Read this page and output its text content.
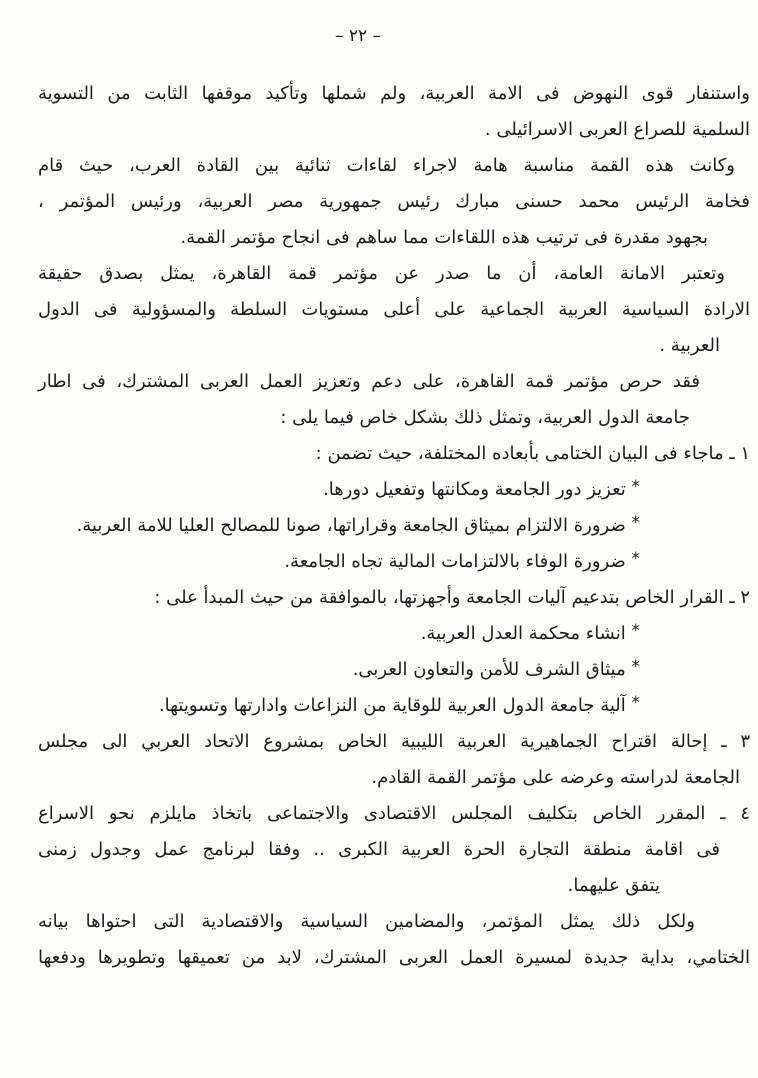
– ٢٢ –
واستنفار قوى النهوض فى الامة العربية، ولم شملها وتأكيد موقفها الثابت من التسوية
السلمية للصراع العربى الاسرائيلى .
وكانت هذه القمة مناسبة هامة لاجراء لقاءات ثنائية بين القادة العرب، حيث قام
فخامة الرئيس محمد حسنى مبارك رئيس جمهورية مصر العربية، ورئيس المؤتمر ،
بجهود مقدرة فى ترتيب هذه اللقاءات مما ساهم فى انجاح مؤتمر القمة.
وتعتبر الامانة العامة، أن ما صدر عن مؤتمر قمة القاهرة، يمثل بصدق حقيقة
الارادة السياسية العربية الجماعية على أعلى مستويات السلطة والمسؤولية فى الدول
العربية .
فقد حرص مؤتمر قمة القاهرة، على دعم وتعزيز العمل العربى المشترك، فى اطار
جامعة الدول العربية، وتمثل ذلك بشكل خاص فيما يلى :
١ ـ ماجاء فى البيان الختامى بأبعاده المختلفة، حيث تضمن :
* تعزيز دور الجامعة ومكانتها وتفعيل دورها.
* ضرورة الالتزام بميثاق الجامعة وقراراتها، صونا للمصالح العليا للامة العربية.
* ضرورة الوفاء بالالتزامات المالية تجاه الجامعة.
٢ ـ القرار الخاص بتدعيم آليات الجامعة وأجهزتها، بالموافقة من حيث المبدأ على :
* انشاء محكمة العدل العربية.
* ميثاق الشرف للأمن والتعاون العربى.
* آلية جامعة الدول العربية للوقاية من النزاعات وادارتها وتسويتها.
٣ ـ إحالة اقتراح الجماهيرية العربية الليبية الخاص بمشروع الاتحاد العربي الى مجلس
الجامعة لدراسته وعرضه على مؤتمر القمة القادم.
٤ ـ المقرر الخاص بتكليف المجلس الاقتصادى والاجتماعى باتخاذ مايلزم نحو الاسراع
فى اقامة منطقة التجارة الحرة العربية الكبرى .. وفقا لبرنامج عمل وجدول زمنى
يتفق عليهما.
ولكل ذلك يمثل المؤتمر، والمضامين السياسية والاقتصادية التى احتواها بيانه
الختامي، بداية جديدة لمسيرة العمل العربى المشترك، لابد من تعميقها وتطويرها ودفعها
